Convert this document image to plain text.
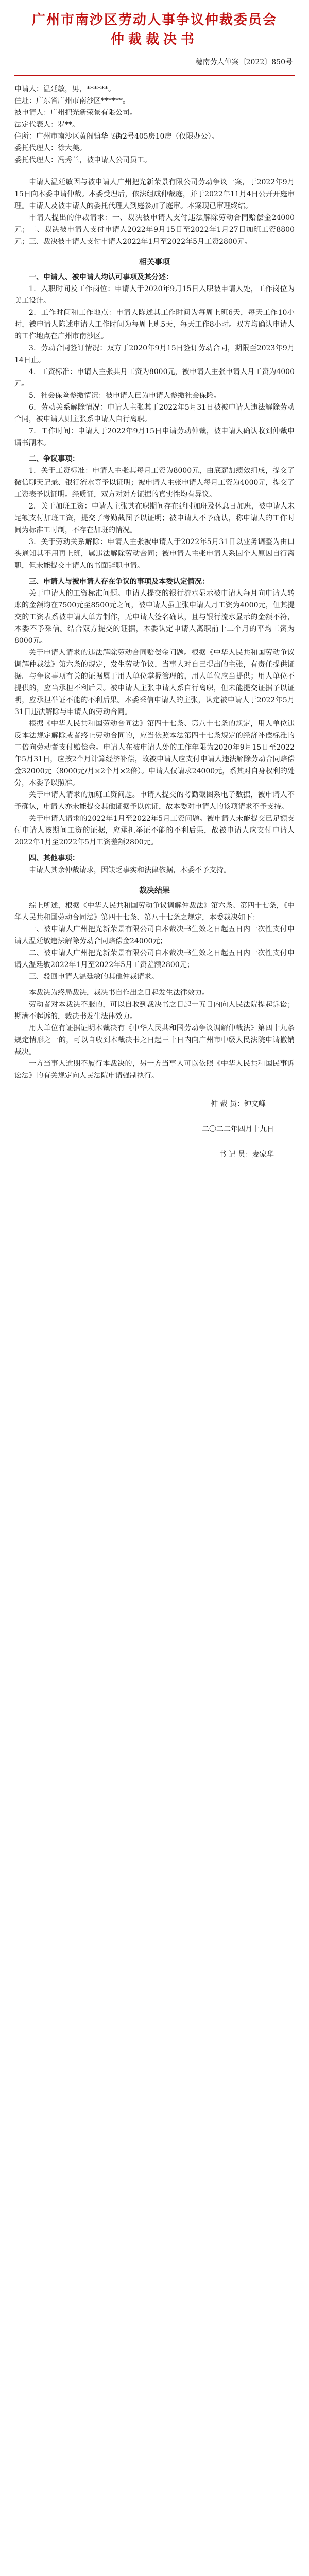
广州市南沙区劳动人事争议仲裁委员会
仲裁裁决书
穗南劳人仲案〔2022〕850号

申请人：温廷敏，男，******。

住址：广东省广州市南沙区******。

被申请人：广州把光新荣景有限公司。

法定代表人：罗**。

住所：广州市南沙区黄阁镇华飞街2号405房10房（仅限办公）。

委托代理人：徐大美。

委托代理人：冯秀兰，被申请人公司员工。

申请人温廷敏因与被申请人广州把光新荣景有限公司劳动争议一案，于2022年9月15日向本委申请仲裁。本委受理后，依法组成仲裁庭，并于2022年11月4日公开开庭审理。申请人及被申请人的委托代理人到庭参加了庭审。本案现已审理终结。

申请人提出的仲裁请求：一、裁决被申请人支付违法解除劳动合同赔偿金24000元；二、裁决被申请人支付申请人2022年9月15日至2022年1月27日加班工资8800元；三、裁决被申请人支付申请人2022年1月至2022年5月工资2800元。

相关事项

一、申请人、被申请人均认可事项及其分述：

1．入职时间及工作岗位：申请人于2020年9月15日入职被申请人处，工作岗位为美工设计。

2．工作时间和工作地点：申请人陈述其工作时间为每周上班6天，每天工作10小时，被申请人陈述申请人工作时间为每周上班5天，每天工作8小时。双方均确认申请人的工作地点在广州市南沙区。

3．劳动合同签订情况：双方于2020年9月15日签订劳动合同，期限至2023年9月14日止。

4．工资标准：申请人主张其月工资为8000元，被申请人主张申请人月工资为4000元。

5．社会保险参缴情况：被申请人已为申请人参缴社会保险。

6．劳动关系解除情况：申请人主张其于2022年5月31日被被申请人违法解除劳动合同，被申请人则主张系申请人自行离职。

7．工作时间：申请人于2022年9月15日申请劳动仲裁，被申请人确认收到仲裁申请书副本。

二、争议事项：

1．关于工资标准：申请人主张其每月工资为8000元，由底薪加绩效组成，提交了微信聊天记录、银行流水等予以证明；被申请人主张申请人每月工资为4000元，提交了工资表予以证明。经质证，双方对对方证据的真实性均有异议。

2．关于加班工资：申请人主张其在职期间存在延时加班及休息日加班，被申请人未足额支付加班工资，提交了考勤截图予以证明；被申请人不予确认，称申请人的工作时间为标准工时制，不存在加班的情况。

3．关于劳动关系解除：申请人主张被申请人于2022年5月31日以业务调整为由口头通知其不用再上班，属违法解除劳动合同；被申请人主张申请人系因个人原因自行离职，但未能提交申请人的书面辞职申请。

三、申请人与被申请人存在争议的事项及本委认定情况：

关于申请人的工资标准问题。申请人提交的银行流水显示被申请人每月向申请人转账的金额均在7500元至8500元之间，被申请人虽主张申请人月工资为4000元，但其提交的工资表系被申请人单方制作，无申请人签名确认，且与银行流水显示的金额不符，本委不予采信。结合双方提交的证据，本委认定申请人离职前十二个月的平均工资为8000元。

关于申请人请求的违法解除劳动合同赔偿金问题。根据《中华人民共和国劳动争议调解仲裁法》第六条的规定，发生劳动争议，当事人对自己提出的主张，有责任提供证据。与争议事项有关的证据属于用人单位掌握管理的，用人单位应当提供；用人单位不提供的，应当承担不利后果。被申请人主张申请人系自行离职，但未能提交证据予以证明，应承担举证不能的不利后果。本委采信申请人的主张，认定被申请人于2022年5月31日违法解除与申请人的劳动合同。

根据《中华人民共和国劳动合同法》第四十七条、第八十七条的规定，用人单位违反本法规定解除或者终止劳动合同的，应当依照本法第四十七条规定的经济补偿标准的二倍向劳动者支付赔偿金。申请人在被申请人处的工作年限为2020年9月15日至2022年5月31日，应按2个月计算经济补偿，故被申请人应支付申请人违法解除劳动合同赔偿金32000元（8000元/月×2个月×2倍）。申请人仅请求24000元，系其对自身权利的处分，本委予以照准。

关于申请人请求的加班工资问题。申请人提交的考勤截图系电子数据，被申请人不予确认，申请人亦未能提交其他证据予以佐证，故本委对申请人的该项请求不予支持。

关于申请人请求的2022年1月至2022年5月工资问题。被申请人未能提交已足额支付申请人该期间工资的证据，应承担举证不能的不利后果，故被申请人应支付申请人2022年1月至2022年5月工资差额2800元。

四、其他事项：

申请人其余仲裁请求，因缺乏事实和法律依据，本委不予支持。

裁决结果

综上所述，根据《中华人民共和国劳动争议调解仲裁法》第六条、第四十七条，《中华人民共和国劳动合同法》第四十七条、第八十七条之规定，本委裁决如下：

一、被申请人广州把光新荣景有限公司自本裁决书生效之日起五日内一次性支付申请人温廷敏违法解除劳动合同赔偿金24000元；

二、被申请人广州把光新荣景有限公司自本裁决书生效之日起五日内一次性支付申请人温廷敏2022年1月至2022年5月工资差额2800元；

三、驳回申请人温廷敏的其他仲裁请求。

本裁决为终局裁决，裁决书自作出之日起发生法律效力。

劳动者对本裁决不服的，可以自收到裁决书之日起十五日内向人民法院提起诉讼；期满不起诉的，裁决书发生法律效力。

用人单位有证据证明本裁决有《中华人民共和国劳动争议调解仲裁法》第四十九条规定情形之一的，可以自收到本裁决书之日起三十日内向广州市中级人民法院申请撤销裁决。

一方当事人逾期不履行本裁决的，另一方当事人可以依照《中华人民共和国民事诉讼法》的有关规定向人民法院申请强制执行。

仲 裁 员：钟文峰

二〇二二年四月十九日

书 记 员：麦家华
